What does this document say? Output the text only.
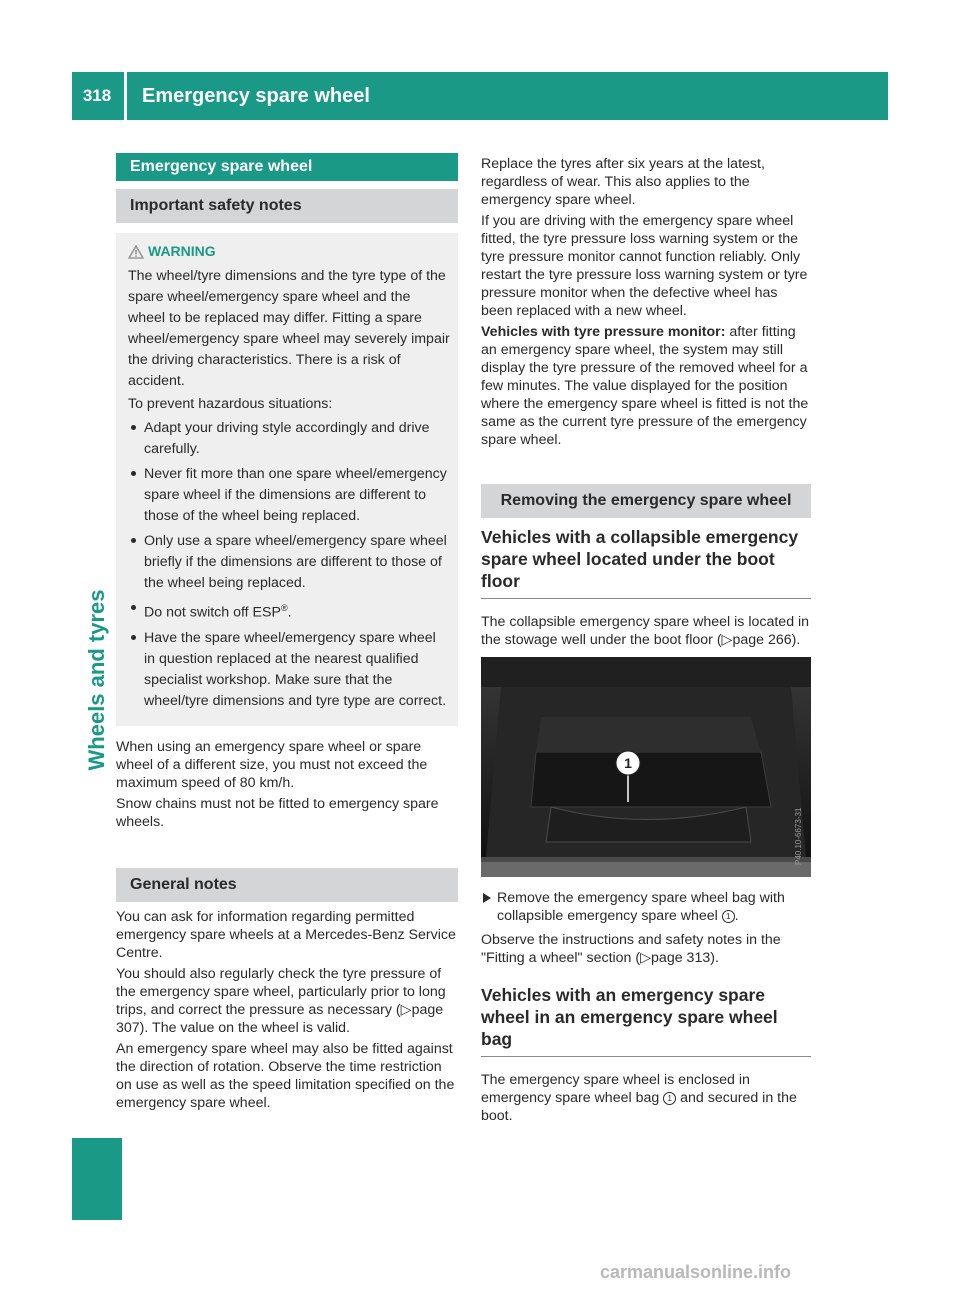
318	Emergency spare wheel
Wheels and tyres
Emergency spare wheel
Important safety notes
WARNING

The wheel/tyre dimensions and the tyre type of the spare wheel/emergency spare wheel and the wheel to be replaced may differ. Fitting a spare wheel/emergency spare wheel may severely impair the driving characteristics. There is a risk of accident.

To prevent hazardous situations:

Adapt your driving style accordingly and drive carefully.
Never fit more than one spare wheel/emergency spare wheel if the dimensions are different to those of the wheel being replaced.
Only use a spare wheel/emergency spare wheel briefly if the dimensions are different to those of the wheel being replaced.
Do not switch off ESP®.
Have the spare wheel/emergency spare wheel in question replaced at the nearest qualified specialist workshop. Make sure that the wheel/tyre dimensions and tyre type are correct.

When using an emergency spare wheel or spare wheel of a different size, you must not exceed the maximum speed of 80 km/h.

Snow chains must not be fitted to emergency spare wheels.

General notes

You can ask for information regarding permitted emergency spare wheels at a Mercedes-Benz Service Centre.

You should also regularly check the tyre pressure of the emergency spare wheel, particularly prior to long trips, and correct the pressure as necessary (▷page 307). The value on the wheel is valid.

An emergency spare wheel may also be fitted against the direction of rotation. Observe the time restriction on use as well as the speed limitation specified on the emergency spare wheel.

Replace the tyres after six years at the latest, regardless of wear. This also applies to the emergency spare wheel.

If you are driving with the emergency spare wheel fitted, the tyre pressure loss warning system or the tyre pressure monitor cannot function reliably. Only restart the tyre pressure loss warning system or tyre pressure monitor when the defective wheel has been replaced with a new wheel.

Vehicles with tyre pressure monitor: after fitting an emergency spare wheel, the system may still display the tyre pressure of the removed wheel for a few minutes. The value displayed for the position where the emergency spare wheel is fitted is not the same as the current tyre pressure of the emergency spare wheel.

Removing the emergency spare wheel
Vehicles with a collapsible emergency spare wheel located under the boot floor

The collapsible emergency spare wheel is located in the stowage well under the boot floor (▷page 266).

1
P40.10-6673-31
Remove the emergency spare wheel bag with collapsible emergency spare wheel 1 .

Observe the instructions and safety notes in the "Fitting a wheel" section (▷page 313).

Vehicles with an emergency spare wheel in an emergency spare wheel bag

The emergency spare wheel is enclosed in emergency spare wheel bag 1 and secured in the boot.

carmanualsonline.info
